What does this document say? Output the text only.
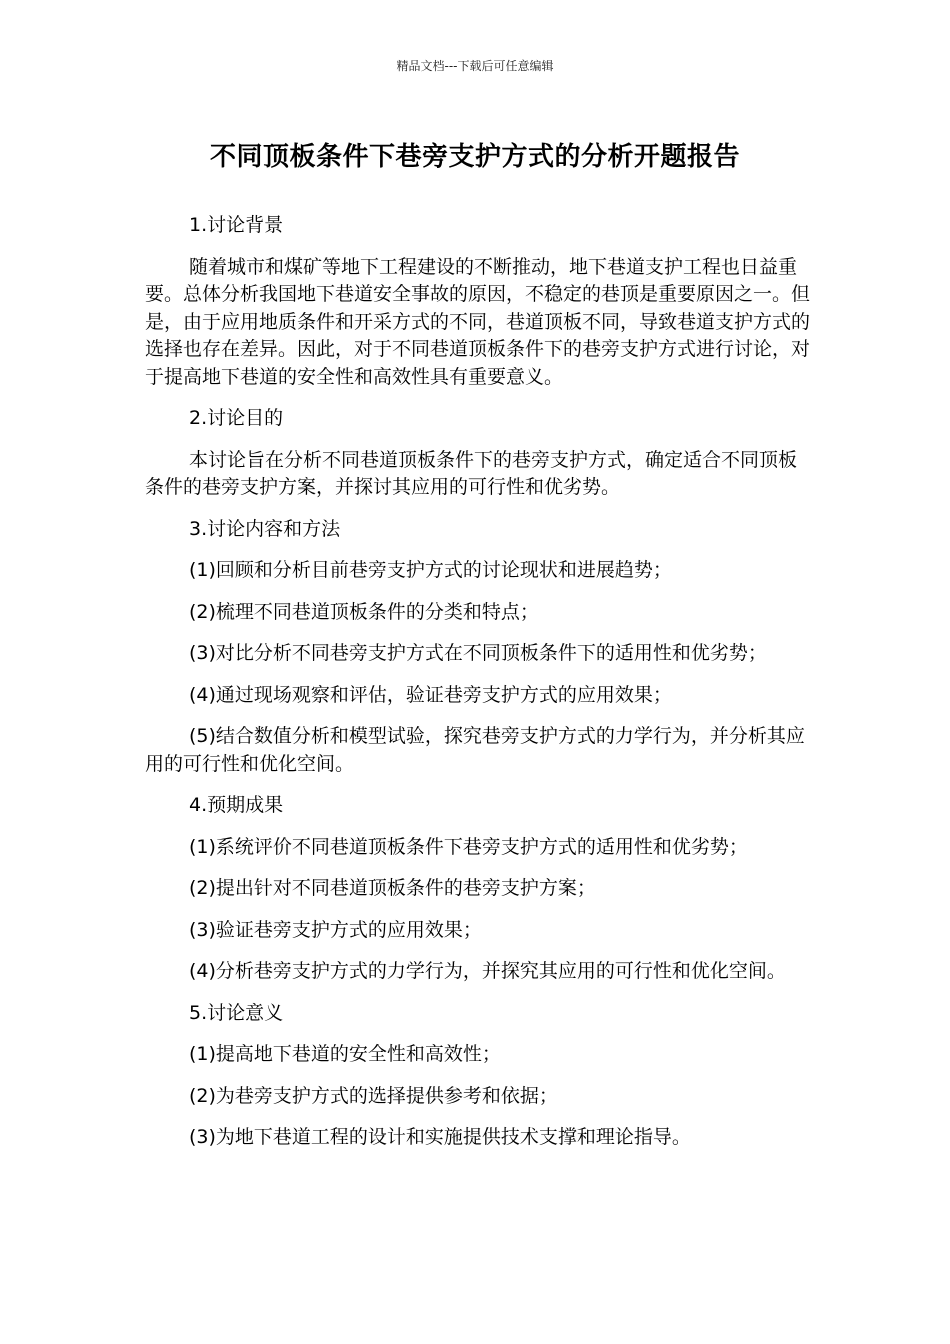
精品文档---下载后可任意编辑
不同顶板条件下巷旁支护方式的分析开题报告

1.讨论背景

随着城市和煤矿等地下工程建设的不断推动，地下巷道支护工程也日益重要。总体分析我国地下巷道安全事故的原因，不稳定的巷顶是重要原因之一。但是，由于应用地质条件和开采方式的不同，巷道顶板不同，导致巷道支护方式的选择也存在差异。因此，对于不同巷道顶板条件下的巷旁支护方式进行讨论，对于提高地下巷道的安全性和高效性具有重要意义。

2.讨论目的

本讨论旨在分析不同巷道顶板条件下的巷旁支护方式，确定适合不同顶板条件的巷旁支护方案，并探讨其应用的可行性和优劣势。

3.讨论内容和方法

(1)回顾和分析目前巷旁支护方式的讨论现状和进展趋势；

(2)梳理不同巷道顶板条件的分类和特点；

(3)对比分析不同巷旁支护方式在不同顶板条件下的适用性和优劣势；

(4)通过现场观察和评估，验证巷旁支护方式的应用效果；

(5)结合数值分析和模型试验，探究巷旁支护方式的力学行为，并分析其应用的可行性和优化空间。

4.预期成果

(1)系统评价不同巷道顶板条件下巷旁支护方式的适用性和优劣势；

(2)提出针对不同巷道顶板条件的巷旁支护方案；

(3)验证巷旁支护方式的应用效果；

(4)分析巷旁支护方式的力学行为，并探究其应用的可行性和优化空间。

5.讨论意义

(1)提高地下巷道的安全性和高效性；

(2)为巷旁支护方式的选择提供参考和依据；

(3)为地下巷道工程的设计和实施提供技术支撑和理论指导。
